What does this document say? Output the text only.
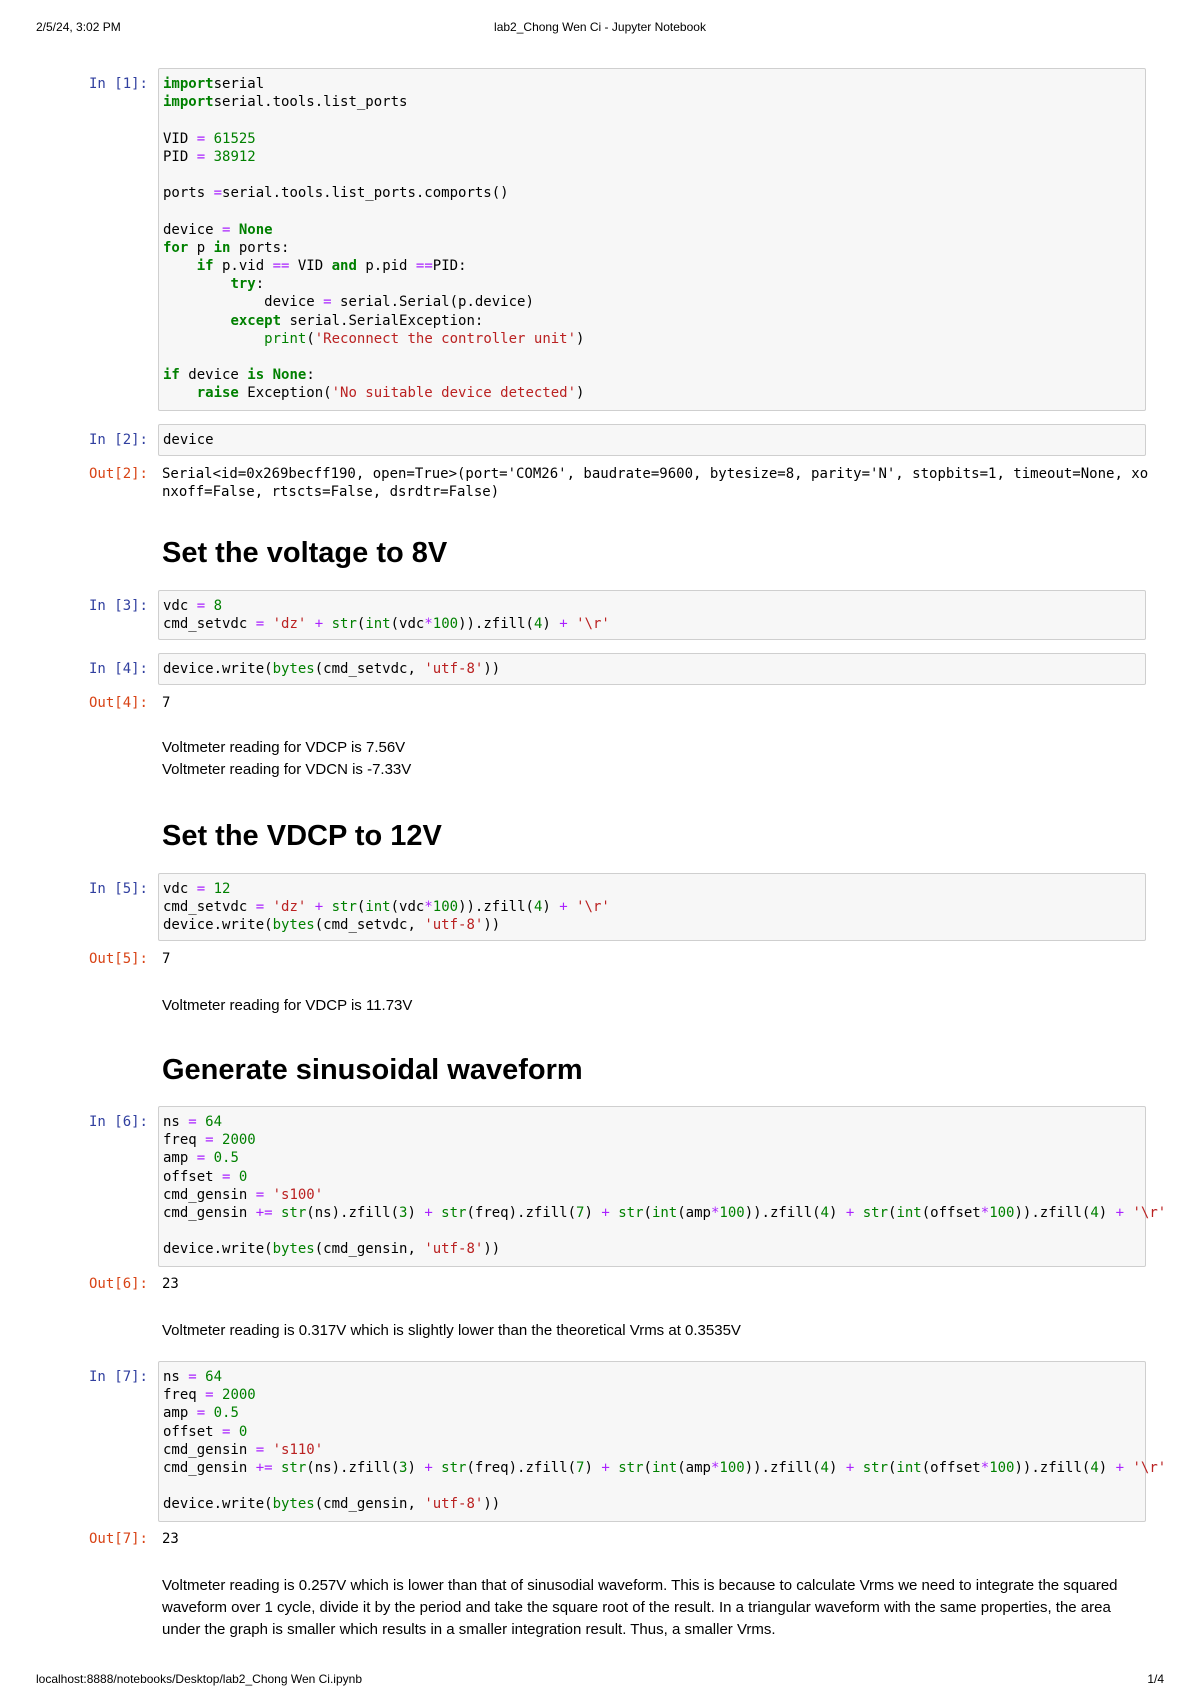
2/5/24, 3:02 PM	lab2_Chong Wen Ci - Jupyter Notebook
localhost:8888/notebooks/Desktop/lab2_Chong Wen Ci.ipynb	1/4
In [1]: importserial
importserial.tools.list_ports

VID = 61525
PID = 38912

ports =serial.tools.list_ports.comports()

device = None
for p in ports:
if p.vid == VID and p.pid ==PID:
try:
device = serial.Serial(p.device)
except serial.SerialException:
print('Reconnect the controller unit')

if device is None:
raise Exception('No suitable device detected')
In [2]: device
Out[2]: Serial<id=0x269becff190, open=True>(port='COM26', baudrate=9600, bytesize=8, parity='N', stopbits=1, timeout=None, xo
nxoff=False, rtscts=False, dsrdtr=False)
Set the voltage to 8V
In [3]: vdc = 8
cmd_setvdc = 'dz' + str(int(vdc*100)).zfill(4) + '\r'
In [4]: device.write(bytes(cmd_setvdc, 'utf-8'))
Out[4]: 7

Voltmeter reading for VDCP is 7.56V

Voltmeter reading for VDCN is -7.33V

Set the VDCP to 12V
In [5]: vdc = 12
cmd_setvdc = 'dz' + str(int(vdc*100)).zfill(4) + '\r'
device.write(bytes(cmd_setvdc, 'utf-8'))
Out[5]: 7

Voltmeter reading for VDCP is 11.73V

Generate sinusoidal waveform
In [6]: ns = 64
freq = 2000
amp = 0.5
offset = 0
cmd_gensin = 's100'
cmd_gensin += str(ns).zfill(3) + str(freq).zfill(7) + str(int(amp*100)).zfill(4) + str(int(offset*100)).zfill(4) + '\r'

device.write(bytes(cmd_gensin, 'utf-8'))
Out[6]: 23

Voltmeter reading is 0.317V which is slightly lower than the theoretical Vrms at 0.3535V

In [7]: ns = 64
freq = 2000
amp = 0.5
offset = 0
cmd_gensin = 's110'
cmd_gensin += str(ns).zfill(3) + str(freq).zfill(7) + str(int(amp*100)).zfill(4) + str(int(offset*100)).zfill(4) + '\r'

device.write(bytes(cmd_gensin, 'utf-8'))
Out[7]: 23

Voltmeter reading is 0.257V which is lower than that of sinusodial waveform. This is because to calculate Vrms we need to integrate the squared waveform over 1 cycle, divide it by the period and take the square root of the result. In a triangular waveform with the same properties, the area under the graph is smaller which results in a smaller integration result. Thus, a smaller Vrms.
